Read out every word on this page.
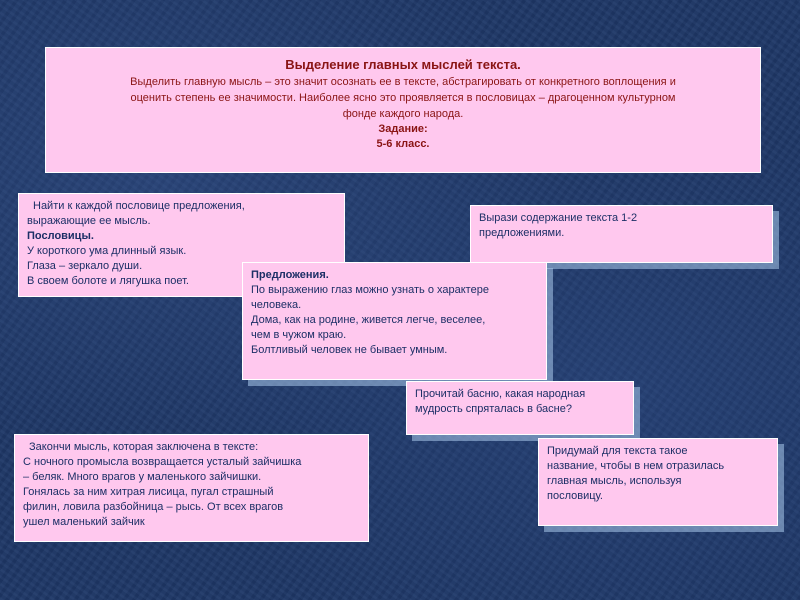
Выделение главных мыслей текста.
Выделить главную мысль – это значит осознать ее в тексте, абстрагировать от конкретного воплощения и
оценить степень ее значимости. Наиболее ясно это проявляется в пословицах – драгоценном культурном
фонде каждого народа.
Задание:
5-6 класс.
Найти к каждой пословице предложения,
выражающие ее мысль.
Пословицы.
У короткого ума длинный язык.
Глаза – зеркало души.
В своем болоте и лягушка поет.
Вырази содержание текста 1-2
предложениями.
Предложения.
По выражению глаз можно узнать о характере
человека.
Дома, как на родине, живется легче, веселее,
чем в чужом краю.
Болтливый человек не бывает умным.
Прочитай басню, какая народная
мудрость спряталась в басне?
Закончи мысль, которая заключена в тексте:
С ночного промысла возвращается усталый зайчишка
– беляк. Много врагов у маленького зайчишки.
Гонялась за ним хитрая лисица, пугал страшный
филин, ловила разбойница – рысь. От всех врагов
ушел маленький зайчик
Придумай для текста такое
название, чтобы в нем отразилась
главная мысль, используя
пословицу.
